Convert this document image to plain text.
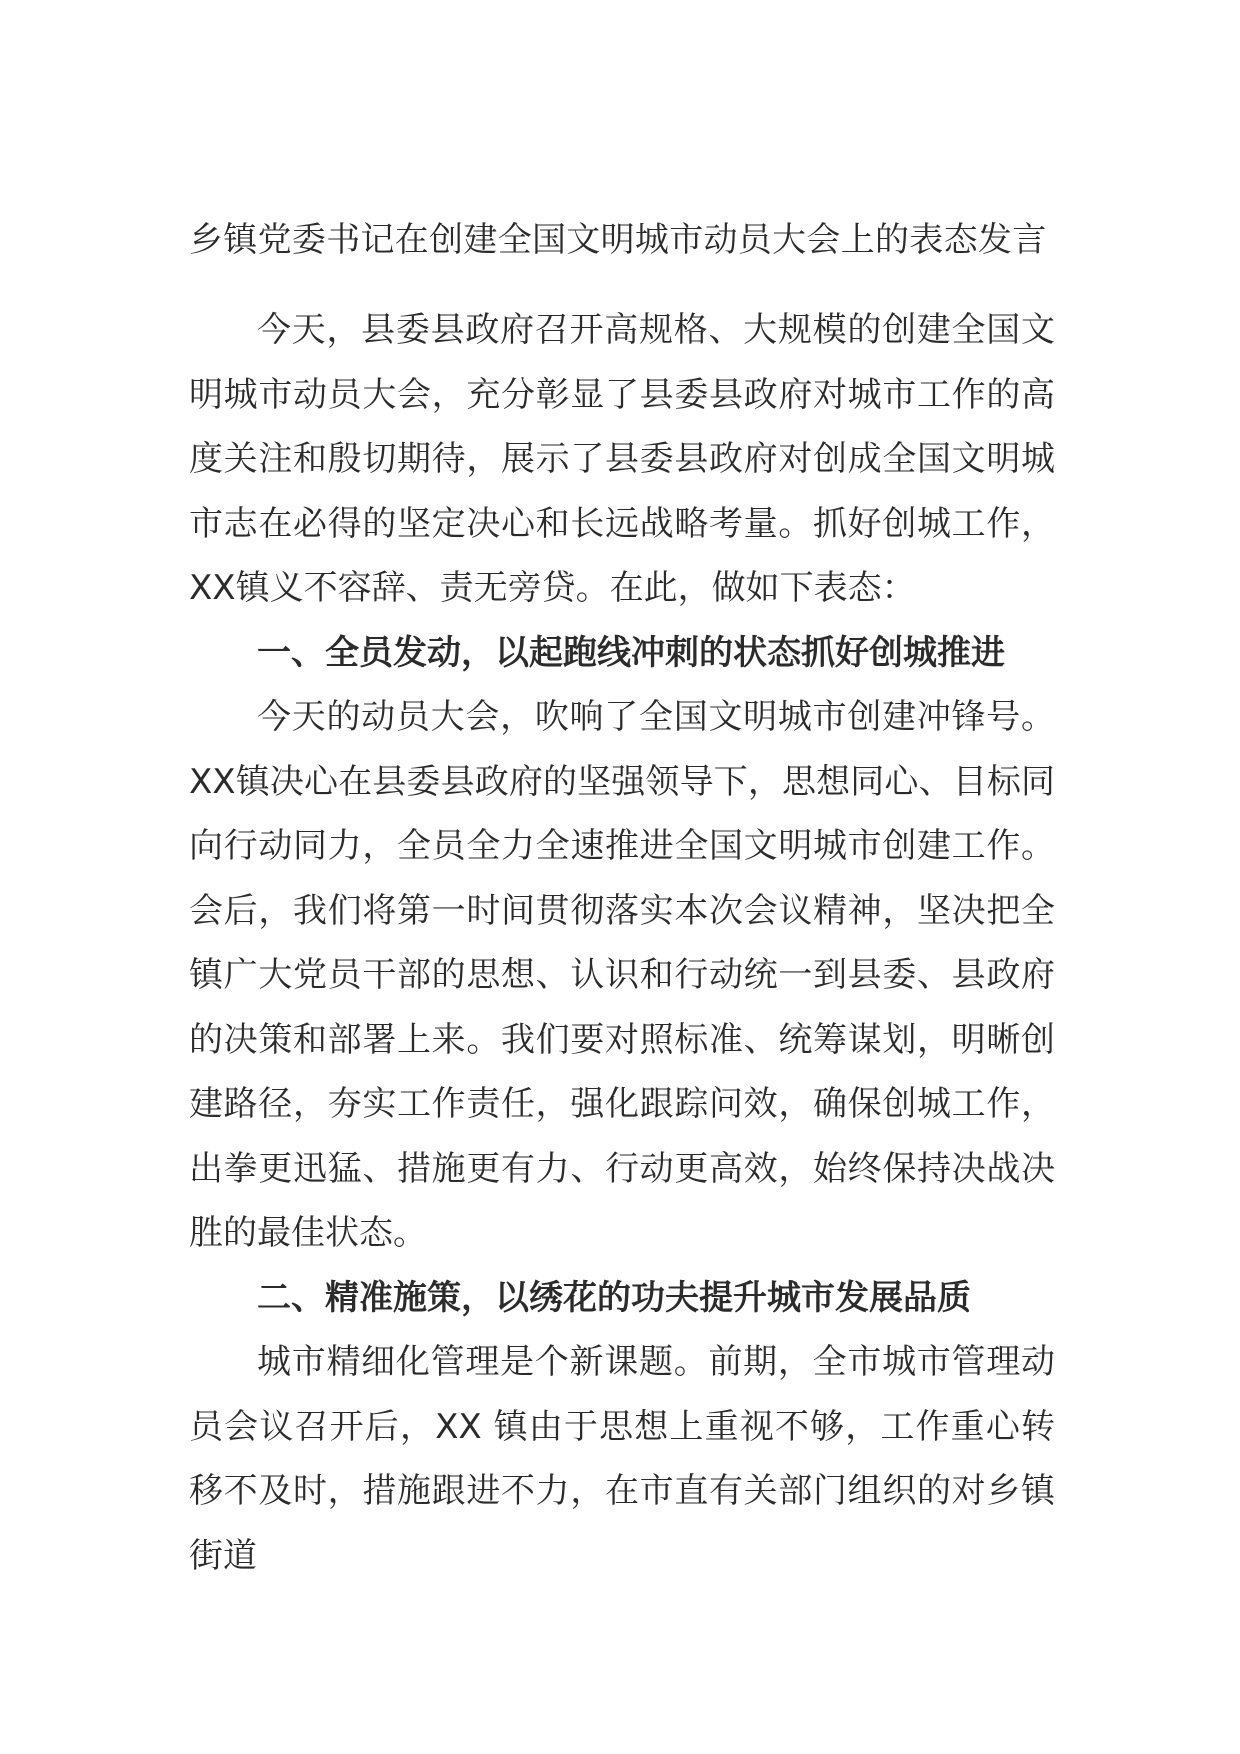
乡镇党委书记在创建全国文明城市动员大会上的表态发言

今天，县委县政府召开高规格、大规模的创建全国文明城市动员大会，充分彰显了县委县政府对城市工作的高度关注和殷切期待，展示了县委县政府对创成全国文明城市志在必得的坚定决心和长远战略考量。抓好创城工作，XX镇义不容辞、责无旁贷。在此，做如下表态：

一、全员发动，以起跑线冲刺的状态抓好创城推进

今天的动员大会，吹响了全国文明城市创建冲锋号。XX镇决心在县委县政府的坚强领导下，思想同心、目标同向行动同力，全员全力全速推进全国文明城市创建工作。会后，我们将第一时间贯彻落实本次会议精神，坚决把全镇广大党员干部的思想、认识和行动统一到县委、县政府的决策和部署上来。我们要对照标准、统筹谋划，明晰创建路径，夯实工作责任，强化跟踪问效，确保创城工作，出拳更迅猛、措施更有力、行动更高效，始终保持决战决胜的最佳状态。

二、精准施策，以绣花的功夫提升城市发展品质

城市精细化管理是个新课题。前期，全市城市管理动员会议召开后，XX 镇由于思想上重视不够，工作重心转移不及时，措施跟进不力，在市直有关部门组织的对乡镇街道
